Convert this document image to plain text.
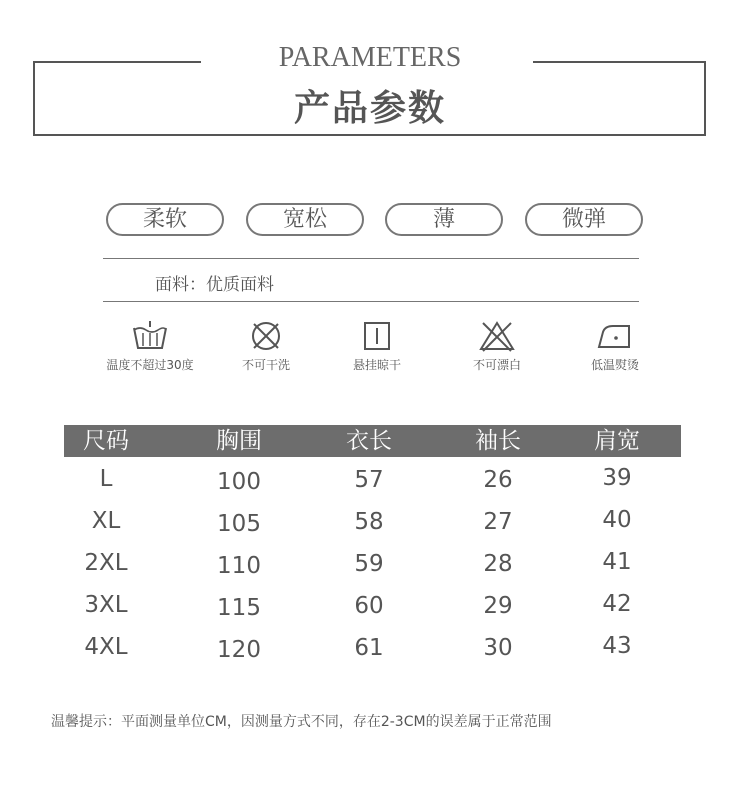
PARAMETERS
产品参数
柔软	宽松	薄	微弹
面料：优质面料
温度不超过30度	不可干洗	悬挂晾干	不可漂白	低温熨烫
尺码	胸围	衣长	袖长	肩宽
L	100	57	26	39
XL	105	58	27	40
2XL	110	59	28	41
3XL	115	60	29	42
4XL	120	61	30	43
温馨提示：平面测量单位CM，因测量方式不同，存在2-3CM的误差属于正常范围
